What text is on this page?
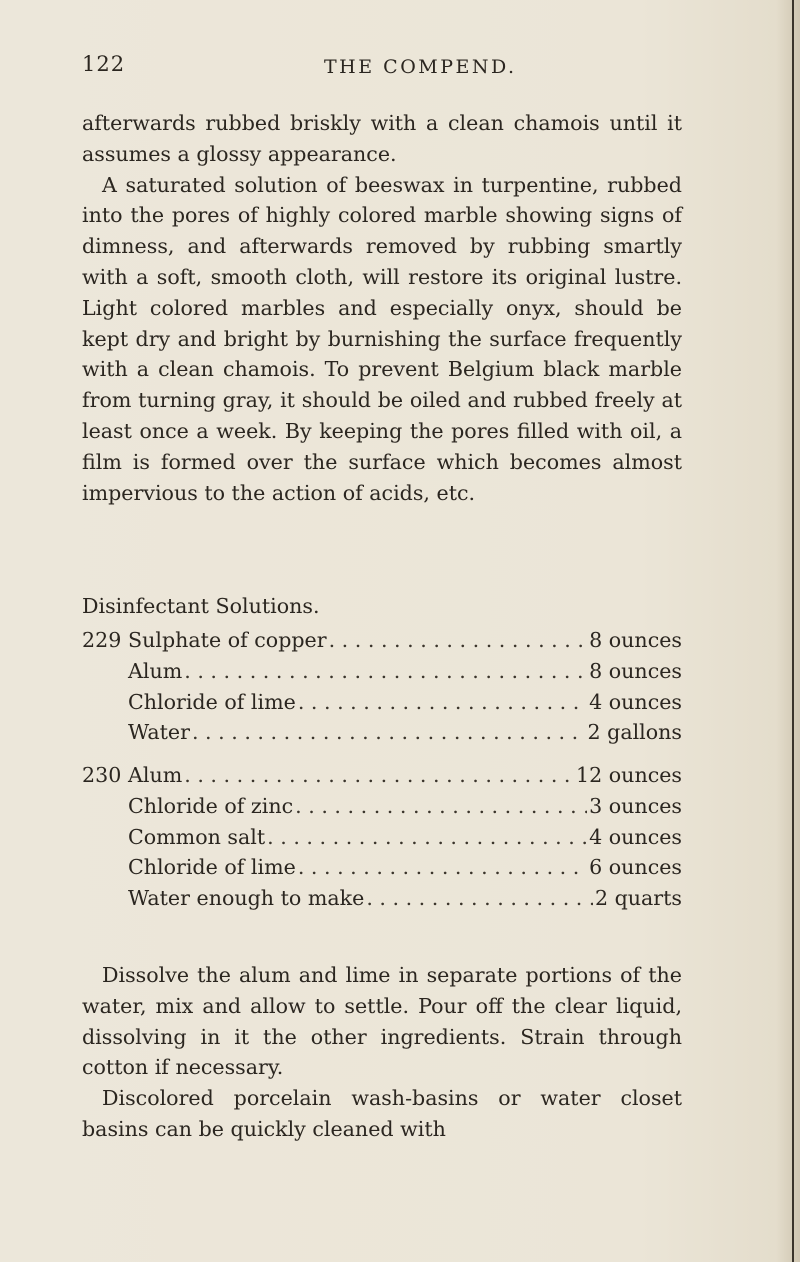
122	THE COMPEND.

afterwards rubbed briskly with a clean chamois until it assumes a glossy appearance.

A saturated solution of beeswax in turpentine, rubbed into the pores of highly colored marble showing signs of dimness, and afterwards removed by rubbing smartly with a soft, smooth cloth, will restore its original lustre. Light colored marbles and especially onyx, should be kept dry and bright by burnishing the surface frequently with a clean chamois. To prevent Belgium black marble from turning gray, it should be oiled and rubbed freely at least once a week. By keeping the pores filled with oil, a film is formed over the surface which becomes almost impervious to the action of acids, etc.

Disinfectant Solutions.
229 Sulphate of copper . . .	8 ounces
Alum . . .	8 ounces
Chloride of lime . . .	4 ounces
Water . . .	2 gallons
230 Alum . . .	12 ounces
Chloride of zinc . . .	3 ounces
Common salt . . .	4 ounces
Chloride of lime . . .	6 ounces
Water enough to make . . .	2 quarts

Dissolve the alum and lime in separate portions of the water, mix and allow to settle. Pour off the clear liquid, dissolving in it the other ingredients. Strain through cotton if necessary.

Discolored porcelain wash-basins or water closet basins can be quickly cleaned with
